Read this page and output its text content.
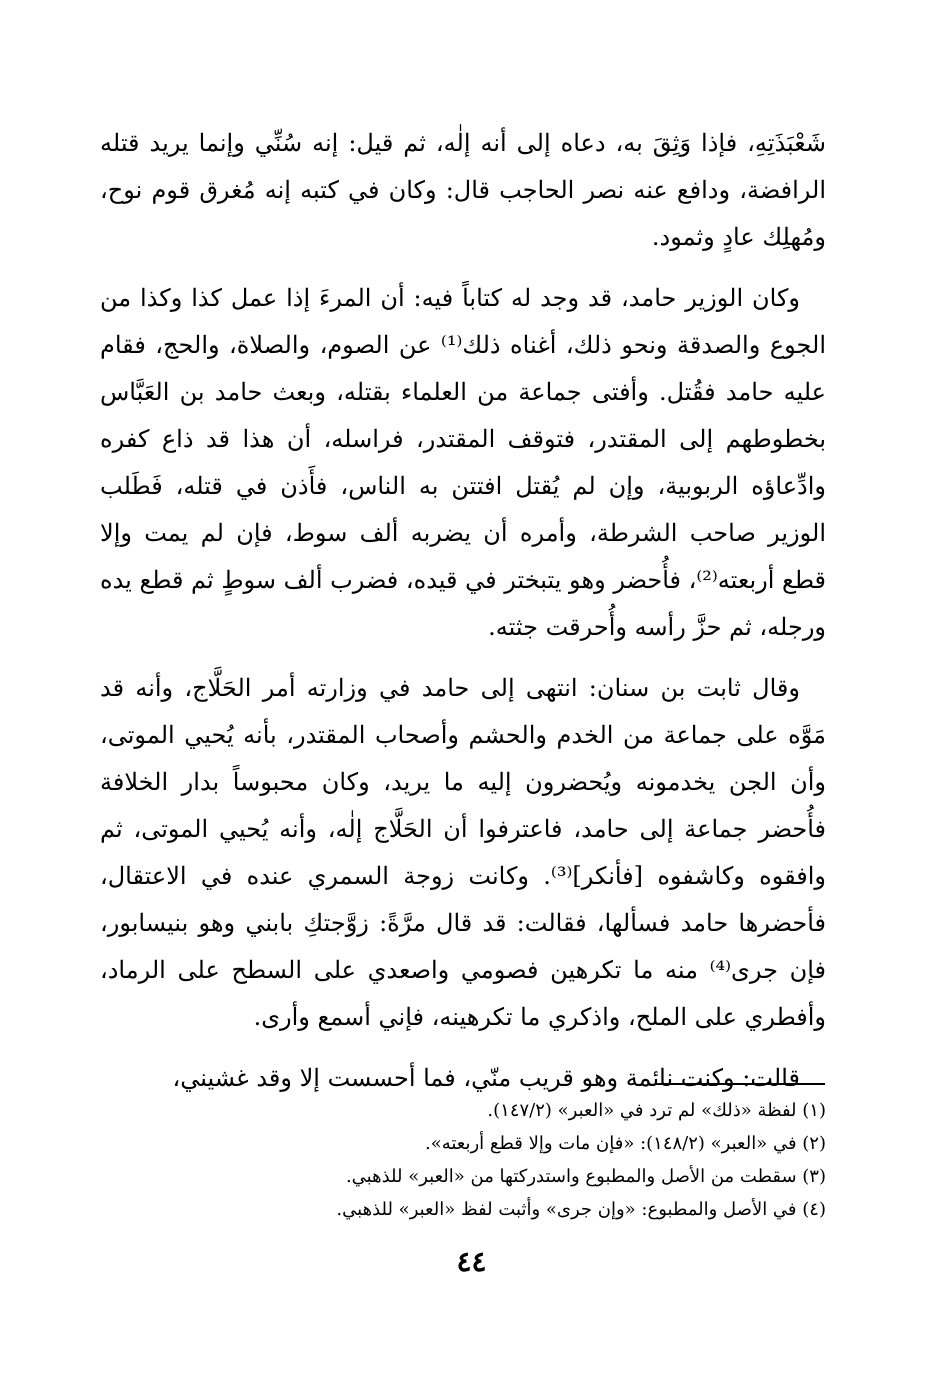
شَعْبَذَتِهِ، فإذا وَثِقَ به، دعاه إلى أنه إلٰه، ثم قيل: إنه سُنِّي وإنما يريد قتله الرافضة، ودافع عنه نصر الحاجب قال: وكان في كتبه إنه مُغرق قوم نوح، ومُهلِك عادٍ وثمود.

وكان الوزير حامد، قد وجد له كتاباً فيه: أن المرءَ إذا عمل كذا وكذا من الجوع والصدقة ونحو ذلك، أغناه ذلك⁽¹⁾ عن الصوم، والصلاة، والحج، فقام عليه حامد فقُتل. وأفتى جماعة من العلماء بقتله، وبعث حامد بن العَبَّاس بخطوطهم إلى المقتدر، فتوقف المقتدر، فراسله، أن هذا قد ذاع كفره وادِّعاؤه الربوبية، وإن لم يُقتل افتتن به الناس، فأَذن في قتله، فَطَلب الوزير صاحب الشرطة، وأمره أن يضربه ألف سوط، فإن لم يمت وإلا قطع أربعته⁽²⁾، فأُحضر وهو يتبختر في قيده، فضرب ألف سوطٍ ثم قطع يده ورجله، ثم حزَّ رأسه وأُحرقت جثته.

وقال ثابت بن سنان: انتهى إلى حامد في وزارته أمر الحَلَّاج، وأنه قد مَوَّه على جماعة من الخدم والحشم وأصحاب المقتدر، بأنه يُحيي الموتى، وأن الجن يخدمونه ويُحضرون إليه ما يريد، وكان محبوساً بدار الخلافة فأُحضر جماعة إلى حامد، فاعترفوا أن الحَلَّاج إلٰه، وأنه يُحيي الموتى، ثم وافقوه وكاشفوه [فأنكر]⁽³⁾. وكانت زوجة السمري عنده في الاعتقال، فأحضرها حامد فسألها، فقالت: قد قال مرَّةً: زوَّجتكِ بابني وهو بنيسابور، فإن جرى⁽⁴⁾ منه ما تكرهين فصومي واصعدي على السطح على الرماد، وأفطري على الملح، واذكري ما تكرهينه، فإني أسمع وأرى.

قالت: وكنت نائمة وهو قريب منّي، فما أحسست إلا وقد غشيني،

(١) لفظة «ذلك» لم ترد في «العبر» (١٤٧/٢).
(٢) في «العبر» (١٤٨/٢): «فإن مات وإلا قطع أربعته».
(٣) سقطت من الأصل والمطبوع واستدركتها من «العبر» للذهبي.
(٤) في الأصل والمطبوع: «وإن جرى» وأثبت لفظ «العبر» للذهبي.
٤٤
